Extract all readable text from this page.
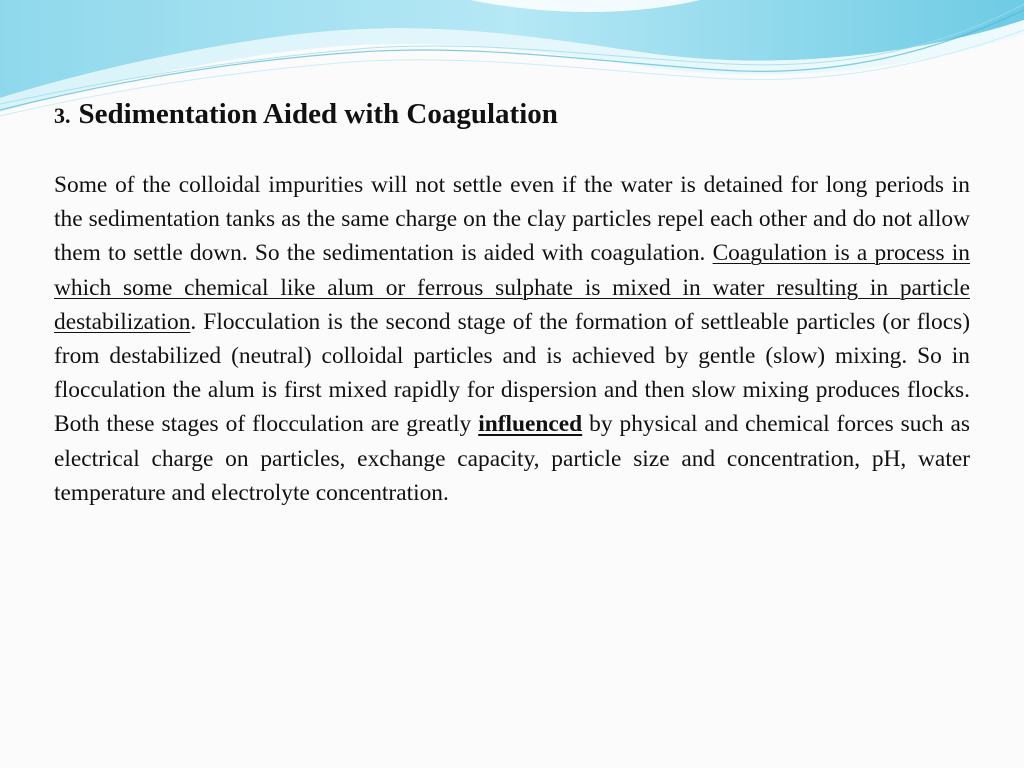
3. Sedimentation Aided with Coagulation

Some of the colloidal impurities will not settle even if the water is detained for long periods in the sedimentation tanks as the same charge on the clay particles repel each other and do not allow them to settle down. So the sedimentation is aided with coagulation. Coagulation is a process in which some chemical like alum or ferrous sulphate is mixed in water resulting in particle destabilization. Flocculation is the second stage of the formation of settleable particles (or flocs) from destabilized (neutral) colloidal particles and is achieved by gentle (slow) mixing. So in flocculation the alum is first mixed rapidly for dispersion and then slow mixing produces flocks. Both these stages of flocculation are greatly influenced by physical and chemical forces such as electrical charge on particles, exchange capacity, particle size and concentration, pH, water temperature and electrolyte concentration.
